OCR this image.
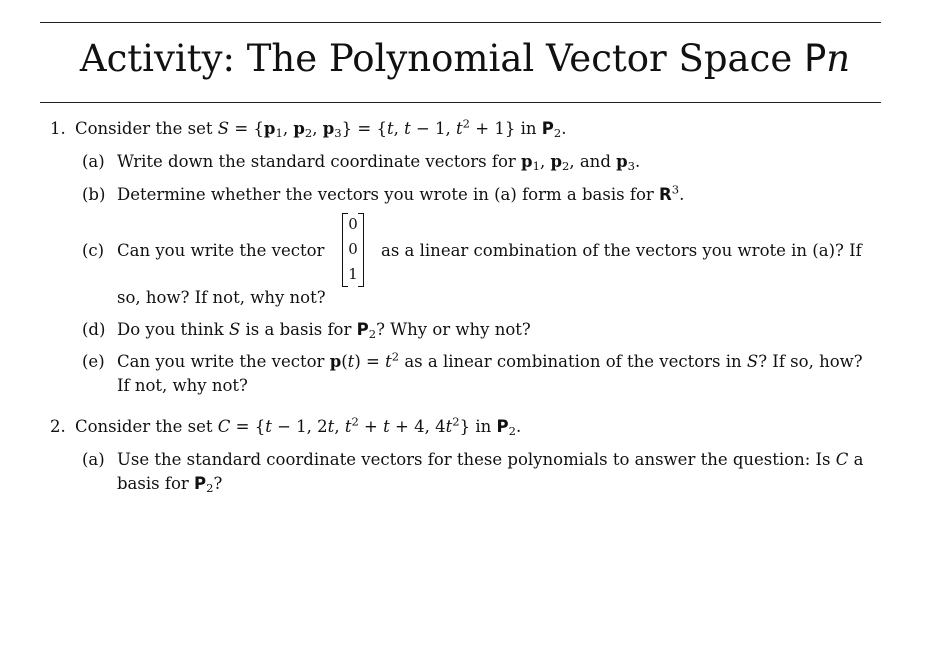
Activity: The Polynomial Vector Space Pn
1. Consider the set $S = \{p_1$, $p_2$, $p_3\} = \{t$, t − 1, $t^2 + 1$} in $P_2$.
(a) Write down the standard coordinate vectors for $p_1$, $p_2$, and $p_3$.
(b) Determine whether the vectors you wrote in (a) form a basis for $R^3$.
(c) Can you write the vector
0
0
1
as a linear combination of the vectors you wrote in (a)? If
so, how? If not, why not?
(d) Do you think S is a basis for $P_2$? Why or why not?
(e) Can you write the vector $p(t) = t^2$ as a linear combination of the vectors in S? If so, how?
If not, why not?
2. Consider the set C = {t − 1, 2t, $t^2 + t + 4$, $4t^2$} in $P_2$.
(a) Use the standard coordinate vectors for these polynomials to answer the question: Is C a
basis for $P_2$?
